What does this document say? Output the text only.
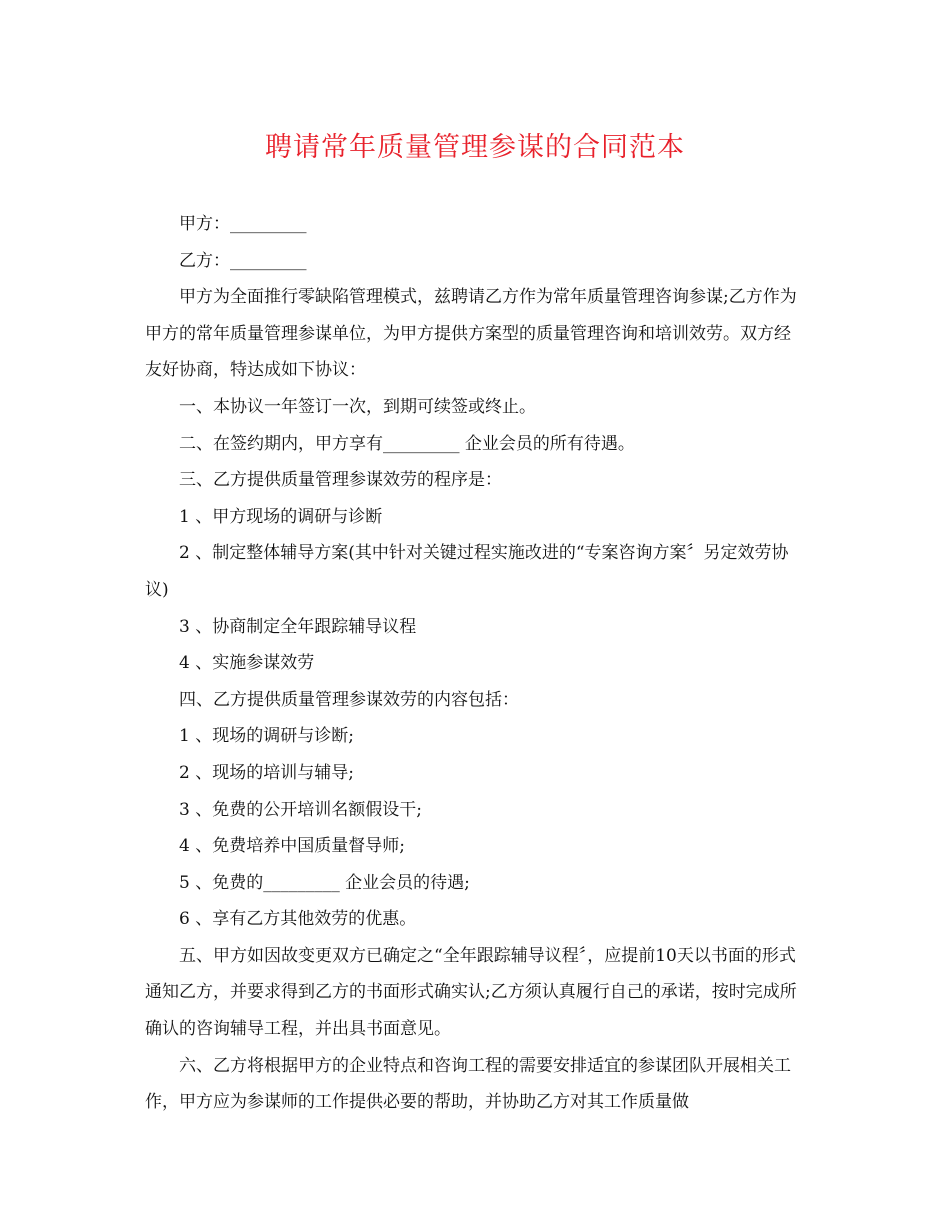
聘请常年质量管理参谋的合同范本

甲方：_________

乙方：_________

甲方为全面推行零缺陷管理模式，兹聘请乙方作为常年质量管理咨询参谋;乙方作为甲方的常年质量管理参谋单位，为甲方提供方案型的质量管理咨询和培训效劳。双方经友好协商，特达成如下协议：

一、本协议一年签订一次，到期可续签或终止。

二、在签约期内，甲方享有_________ 企业会员的所有待遇。

三、乙方提供质量管理参谋效劳的程序是：

1 、甲方现场的调研与诊断

2 、制定整体辅导方案(其中针对关键过程实施改进的“专案咨询方案〞另定效劳协议)

3 、协商制定全年跟踪辅导议程

4 、实施参谋效劳

四、乙方提供质量管理参谋效劳的内容包括：

1 、现场的调研与诊断;

2 、现场的培训与辅导;

3 、免费的公开培训名额假设干;

4 、免费培养中国质量督导师;

5 、免费的_________ 企业会员的待遇;

6 、享有乙方其他效劳的优惠。

五、甲方如因故变更双方已确定之“全年跟踪辅导议程〞，应提前10天以书面的形式通知乙方，并要求得到乙方的书面形式确实认;乙方须认真履行自己的承诺，按时完成所确认的咨询辅导工程，并出具书面意见。

六、乙方将根据甲方的企业特点和咨询工程的需要安排适宜的参谋团队开展相关工作，甲方应为参谋师的工作提供必要的帮助，并协助乙方对其工作质量做
